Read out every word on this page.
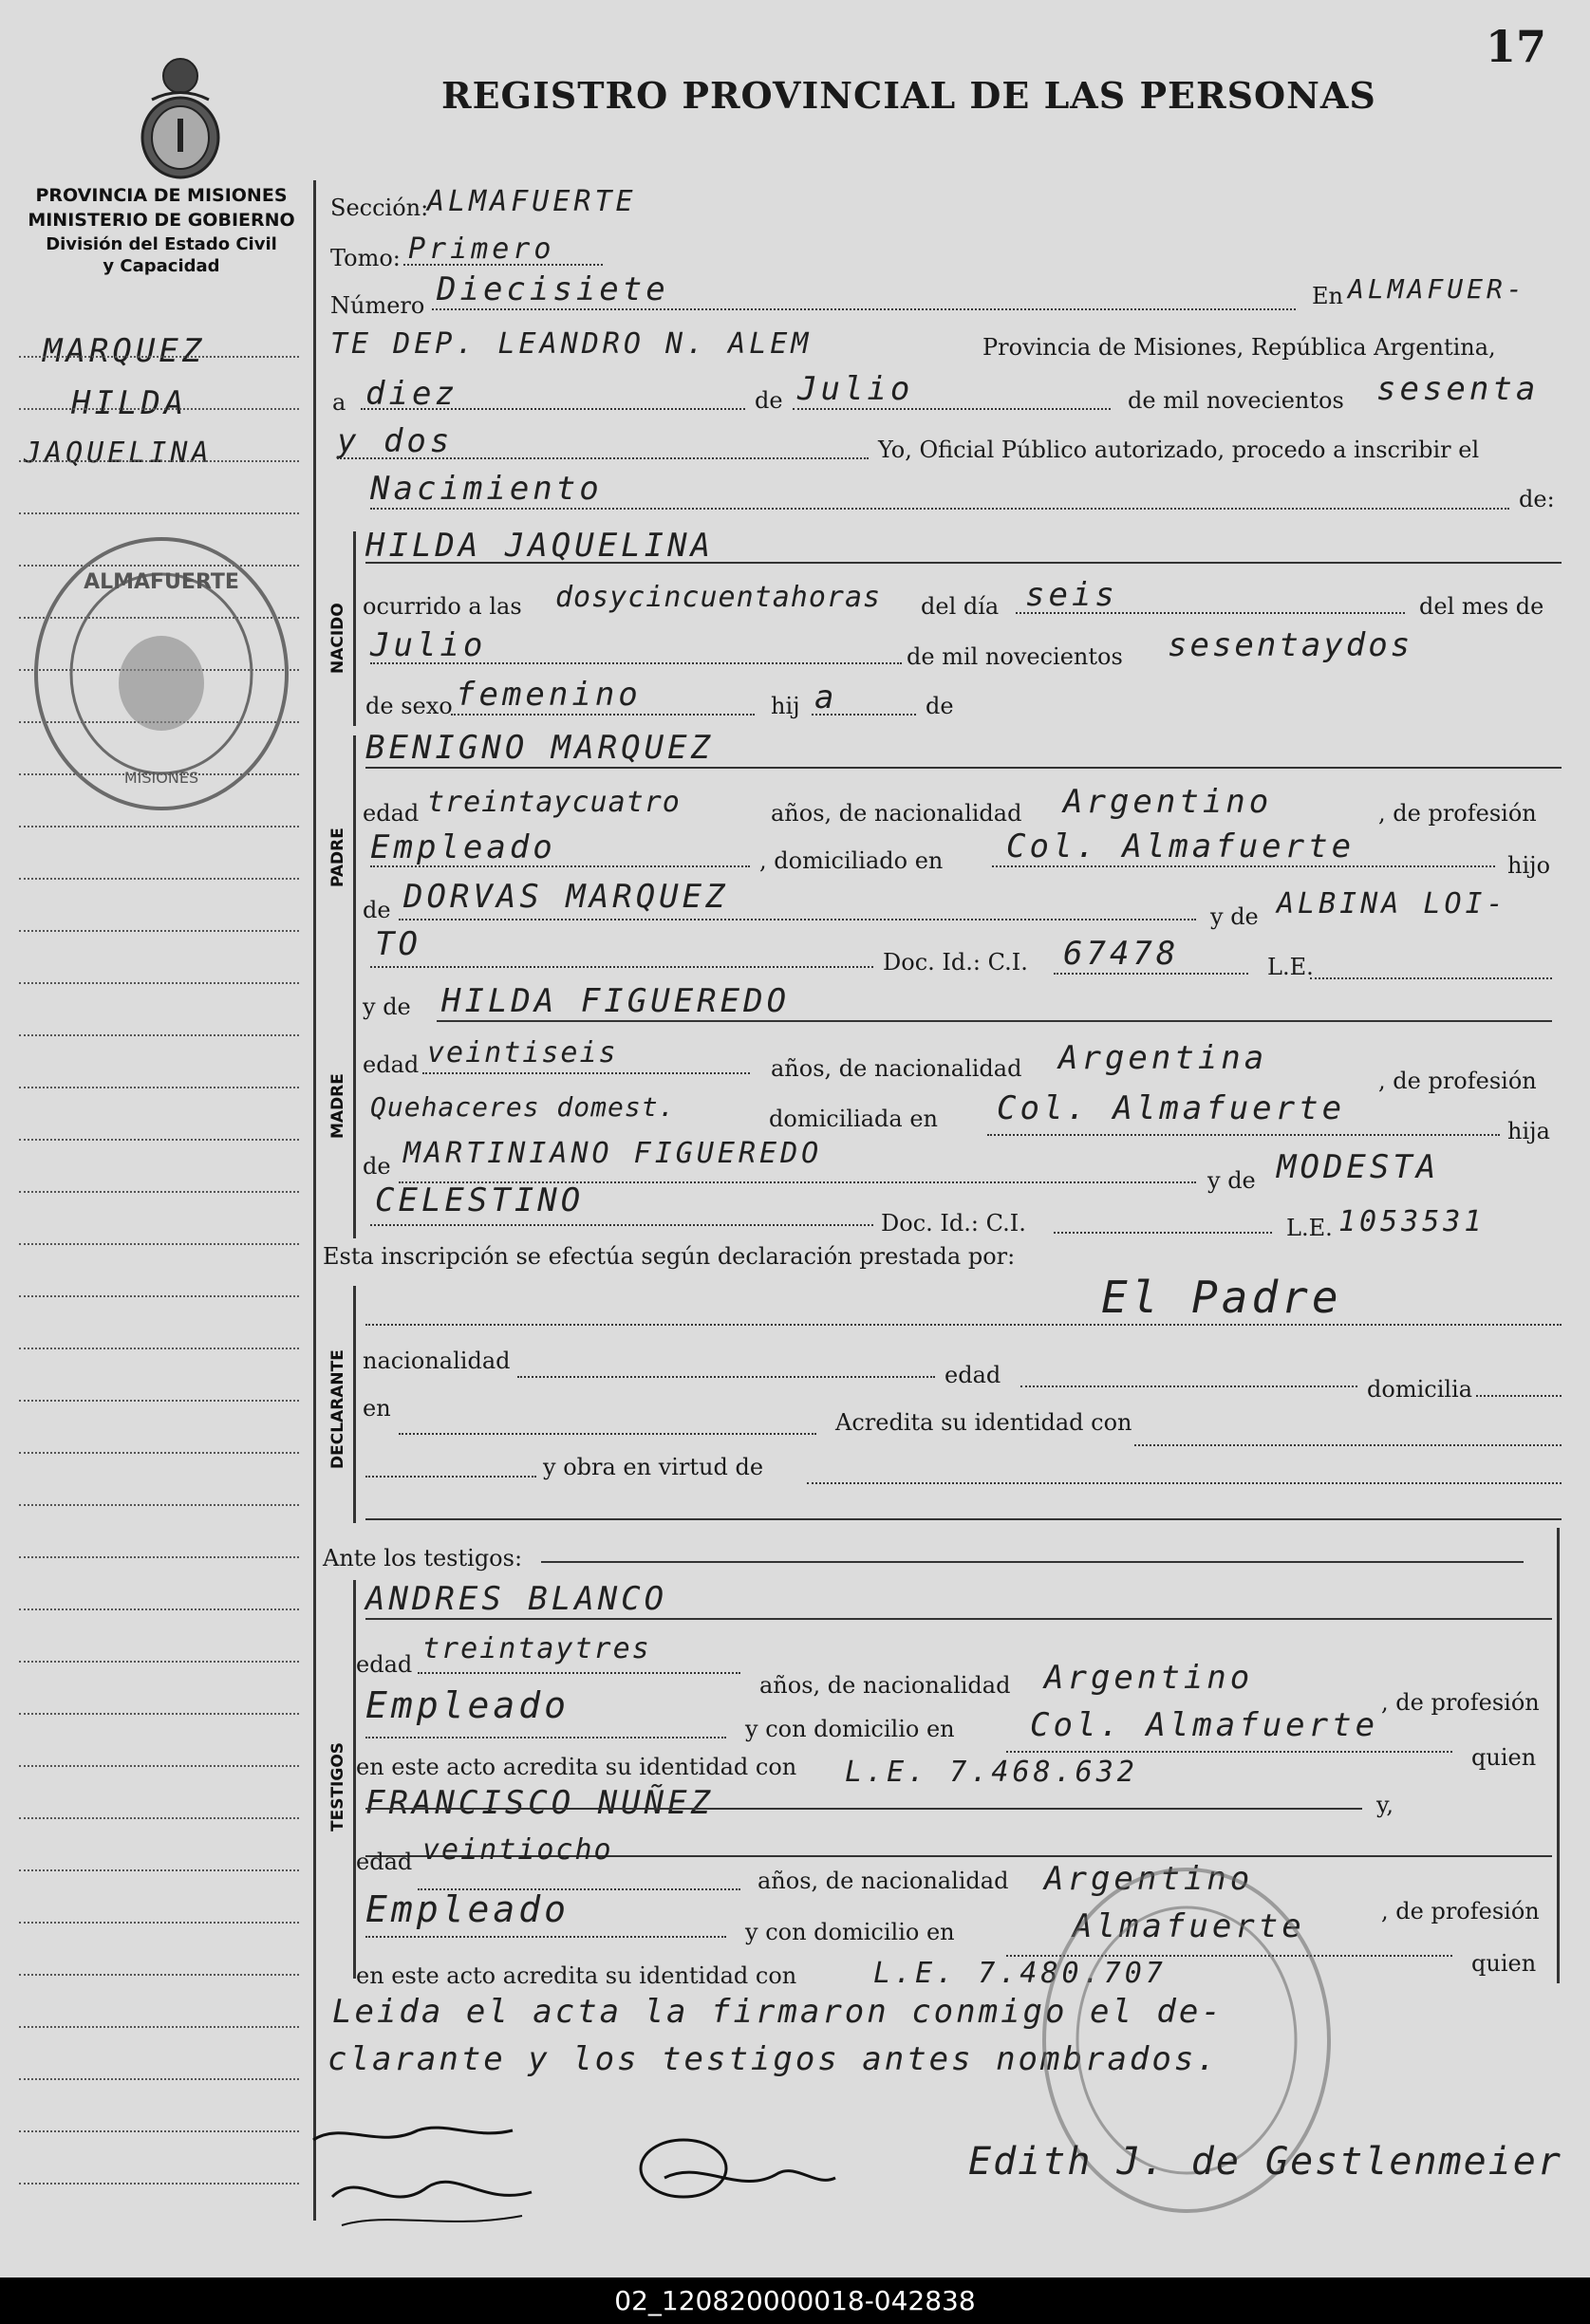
17
PROVINCIA DE MISIONES
MINISTERIO DE GOBIERNO
División del Estado Civil
y Capacidad
REGISTRO PROVINCIAL DE LAS PERSONAS
MARQUEZ
HILDA
JAQUELINA
ALMAFUERTE
MISIONES
Sección:
ALMAFUERTE
Tomo: Primero
Número Diecisiete	En ALMAFUER-
TE DEP. LEANDRO N. ALEM	Provincia de Misiones, República Argentina,
a diez	de Julio	de mil novecientos sesenta
y dos	Yo, Oficial Público autorizado, procedo a inscribir el
Nacimiento	de:
NACIDO
HILDA JAQUELINA
ocurrido a las dosycincuentahoras del día seis	del mes de
Julio	de mil novecientos sesentaydos
de sexo femenino	hij a	de
PADRE
BENIGNO MARQUEZ
edad treintaycuatro	años, de nacionalidad Argentino	, de profesión
Empleado	, domiciliado en Col. Almafuerte	hijo
de DORVAS MARQUEZ
y de ALBINA LOI-
TO	Doc. Id.: C.I. 67478	L.E.
MADRE
y de HILDA FIGUEREDO
edad veintiseis	años, de nacionalidad Argentina
, de profesión
Quehaceres domest.	domiciliada en Col. Almafuerte
hija
de MARTINIANO FIGUEREDO
y de MODESTA
CELESTINO
Doc. Id.: C.I.	L.E. 1053531
Esta inscripción se efectúa según declaración prestada por:
DECLARANTE
El Padre
nacionalidad
edad
domicilia
en
Acredita su identidad con
y obra en virtud de
Ante los testigos:
TESTIGOS
ANDRES BLANCO
edad treintaytres
años, de nacionalidad Argentino
, de profesión
Empleado
y con domicilio en Col. Almafuerte
quien
en este acto acredita su identidad con L.E. 7.468.632
FRANCISCO NUÑEZ	y,
edad veintiocho
años, de nacionalidad Argentino
, de profesión
Empleado
y con domicilio en	Almafuerte
quien
en este acto acredita su identidad con	L.E. 7.480.707
Leida el acta la firmaron conmigo el de-
clarante y los testigos antes nombrados.
Edith J. de Gestlenmeier
02_120820000018-042838
